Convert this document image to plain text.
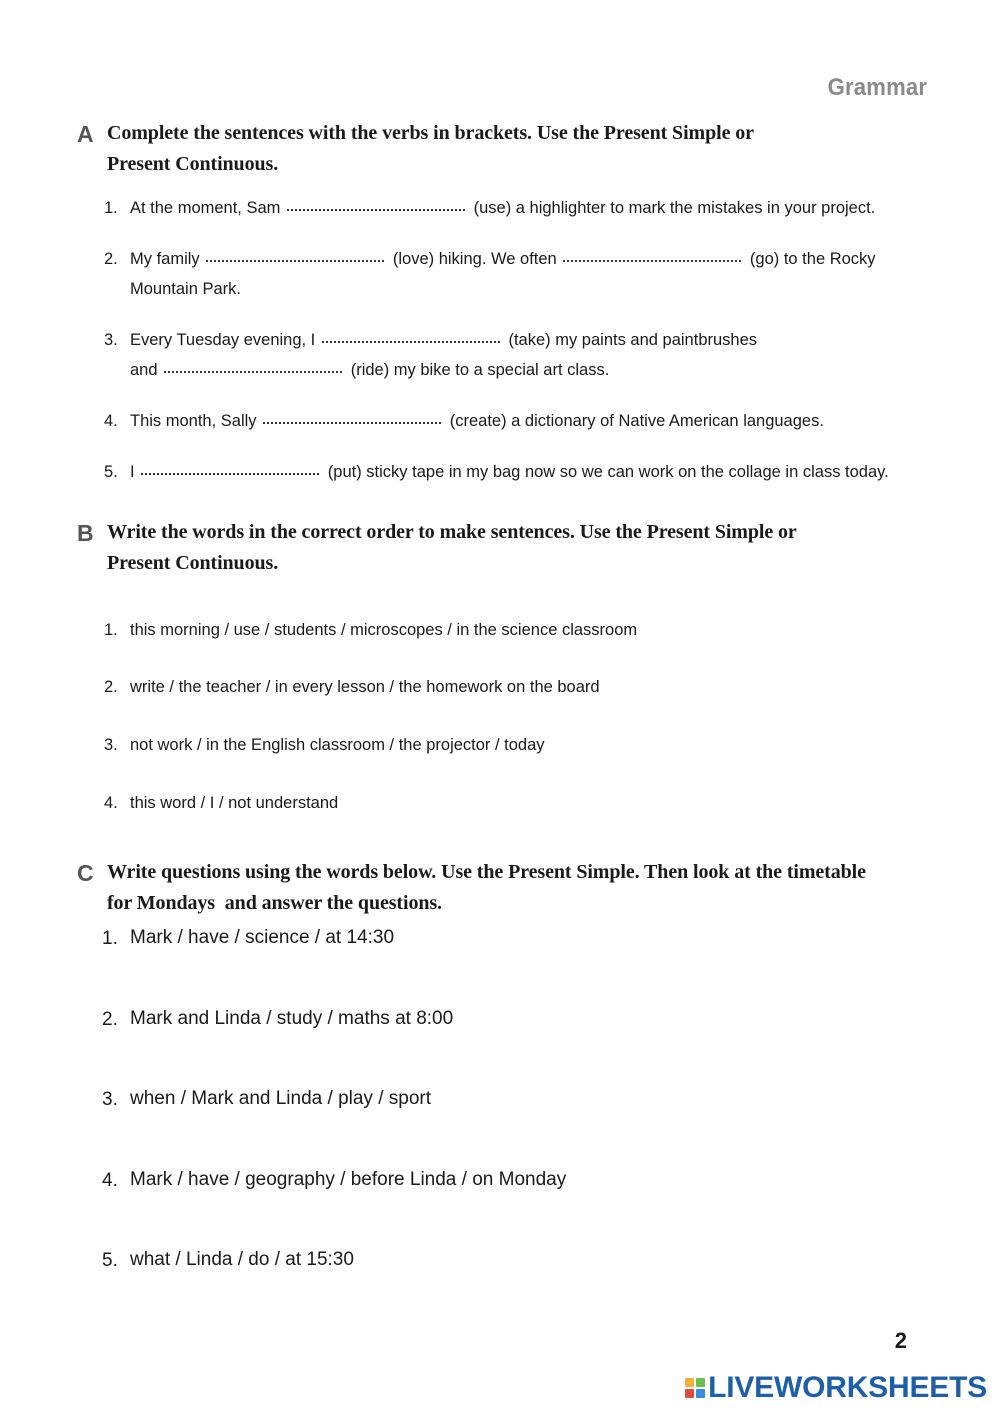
Grammar
A Complete the sentences with the verbs in brackets. Use the Present Simple or
Present Continuous.
1. At the moment, Sam	(use) a highlighter to mark the mistakes in your project.
2. My family	(love) hiking. We often	(go) to the Rocky
Mountain Park.
3. Every Tuesday evening, I	(take) my paints and paintbrushes
and	(ride) my bike to a special art class.
4. This month, Sally	(create) a dictionary of Native American languages.
5. I	(put) sticky tape in my bag now so we can work on the collage in class today.
B Write the words in the correct order to make sentences. Use the Present Simple or
Present Continuous.
1. this morning / use / students / microscopes / in the science classroom
2. write / the teacher / in every lesson / the homework on the board
3. not work / in the English classroom / the projector / today
4. this word / I / not understand
C Write questions using the words below. Use the Present Simple. Then look at the timetable
for Mondays  and answer the questions.
1. Mark / have / science / at 14:30
2. Mark and Linda / study / maths at 8:00
3. when / Mark and Linda / play / sport
4. Mark / have / geography / before Linda / on Monday
5. what / Linda / do / at 15:30
2
LIVEWORKSHEETS
